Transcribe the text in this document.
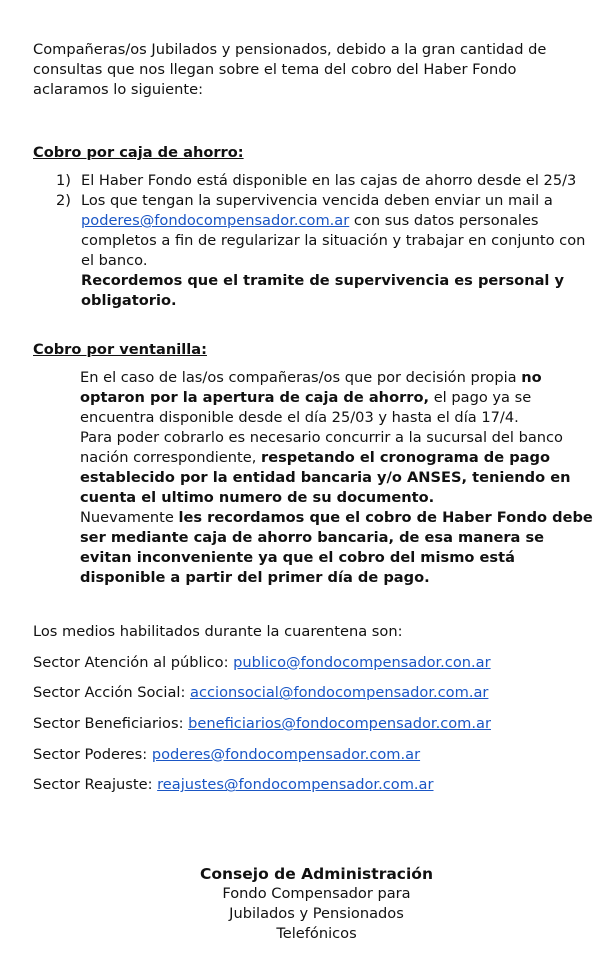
Compañeras/os Jubilados y pensionados, debido a la gran cantidad de consultas que nos llegan sobre el tema del cobro del Haber Fondo aclaramos lo siguiente:
Cobro por caja de ahorro:
1) El Haber Fondo está disponible en las cajas de ahorro desde el 25/3
2) Los que tengan la supervivencia vencida deben enviar un mail a poderes@fondocompensador.com.ar con sus datos personales completos a fin de regularizar la situación y trabajar en conjunto con el banco.
Recordemos que el tramite de supervivencia es personal y obligatorio.
Cobro por ventanilla:
En el caso de las/os compañeras/os que por decisión propia no optaron por la apertura de caja de ahorro, el pago ya se encuentra disponible desde el día 25/03 y hasta el día 17/4.
Para poder cobrarlo es necesario concurrir a la sucursal del banco nación correspondiente, respetando el cronograma de pago establecido por la entidad bancaria y/o ANSES, teniendo en cuenta el ultimo numero de su documento.
Nuevamente les recordamos que el cobro de Haber Fondo debe ser mediante caja de ahorro bancaria, de esa manera se evitan inconveniente ya que el cobro del mismo está disponible a partir del primer día de pago.
Los medios habilitados durante la cuarentena son:
Sector Atención al público: publico@fondocompensador.con.ar
Sector Acción Social: accionsocial@fondocompensador.com.ar
Sector Beneficiarios: beneficiarios@fondocompensador.com.ar
Sector Poderes: poderes@fondocompensador.com.ar
Sector Reajuste: reajustes@fondocompensador.com.ar
Consejo de Administración
Fondo Compensador para
Jubilados y Pensionados
Telefónicos
